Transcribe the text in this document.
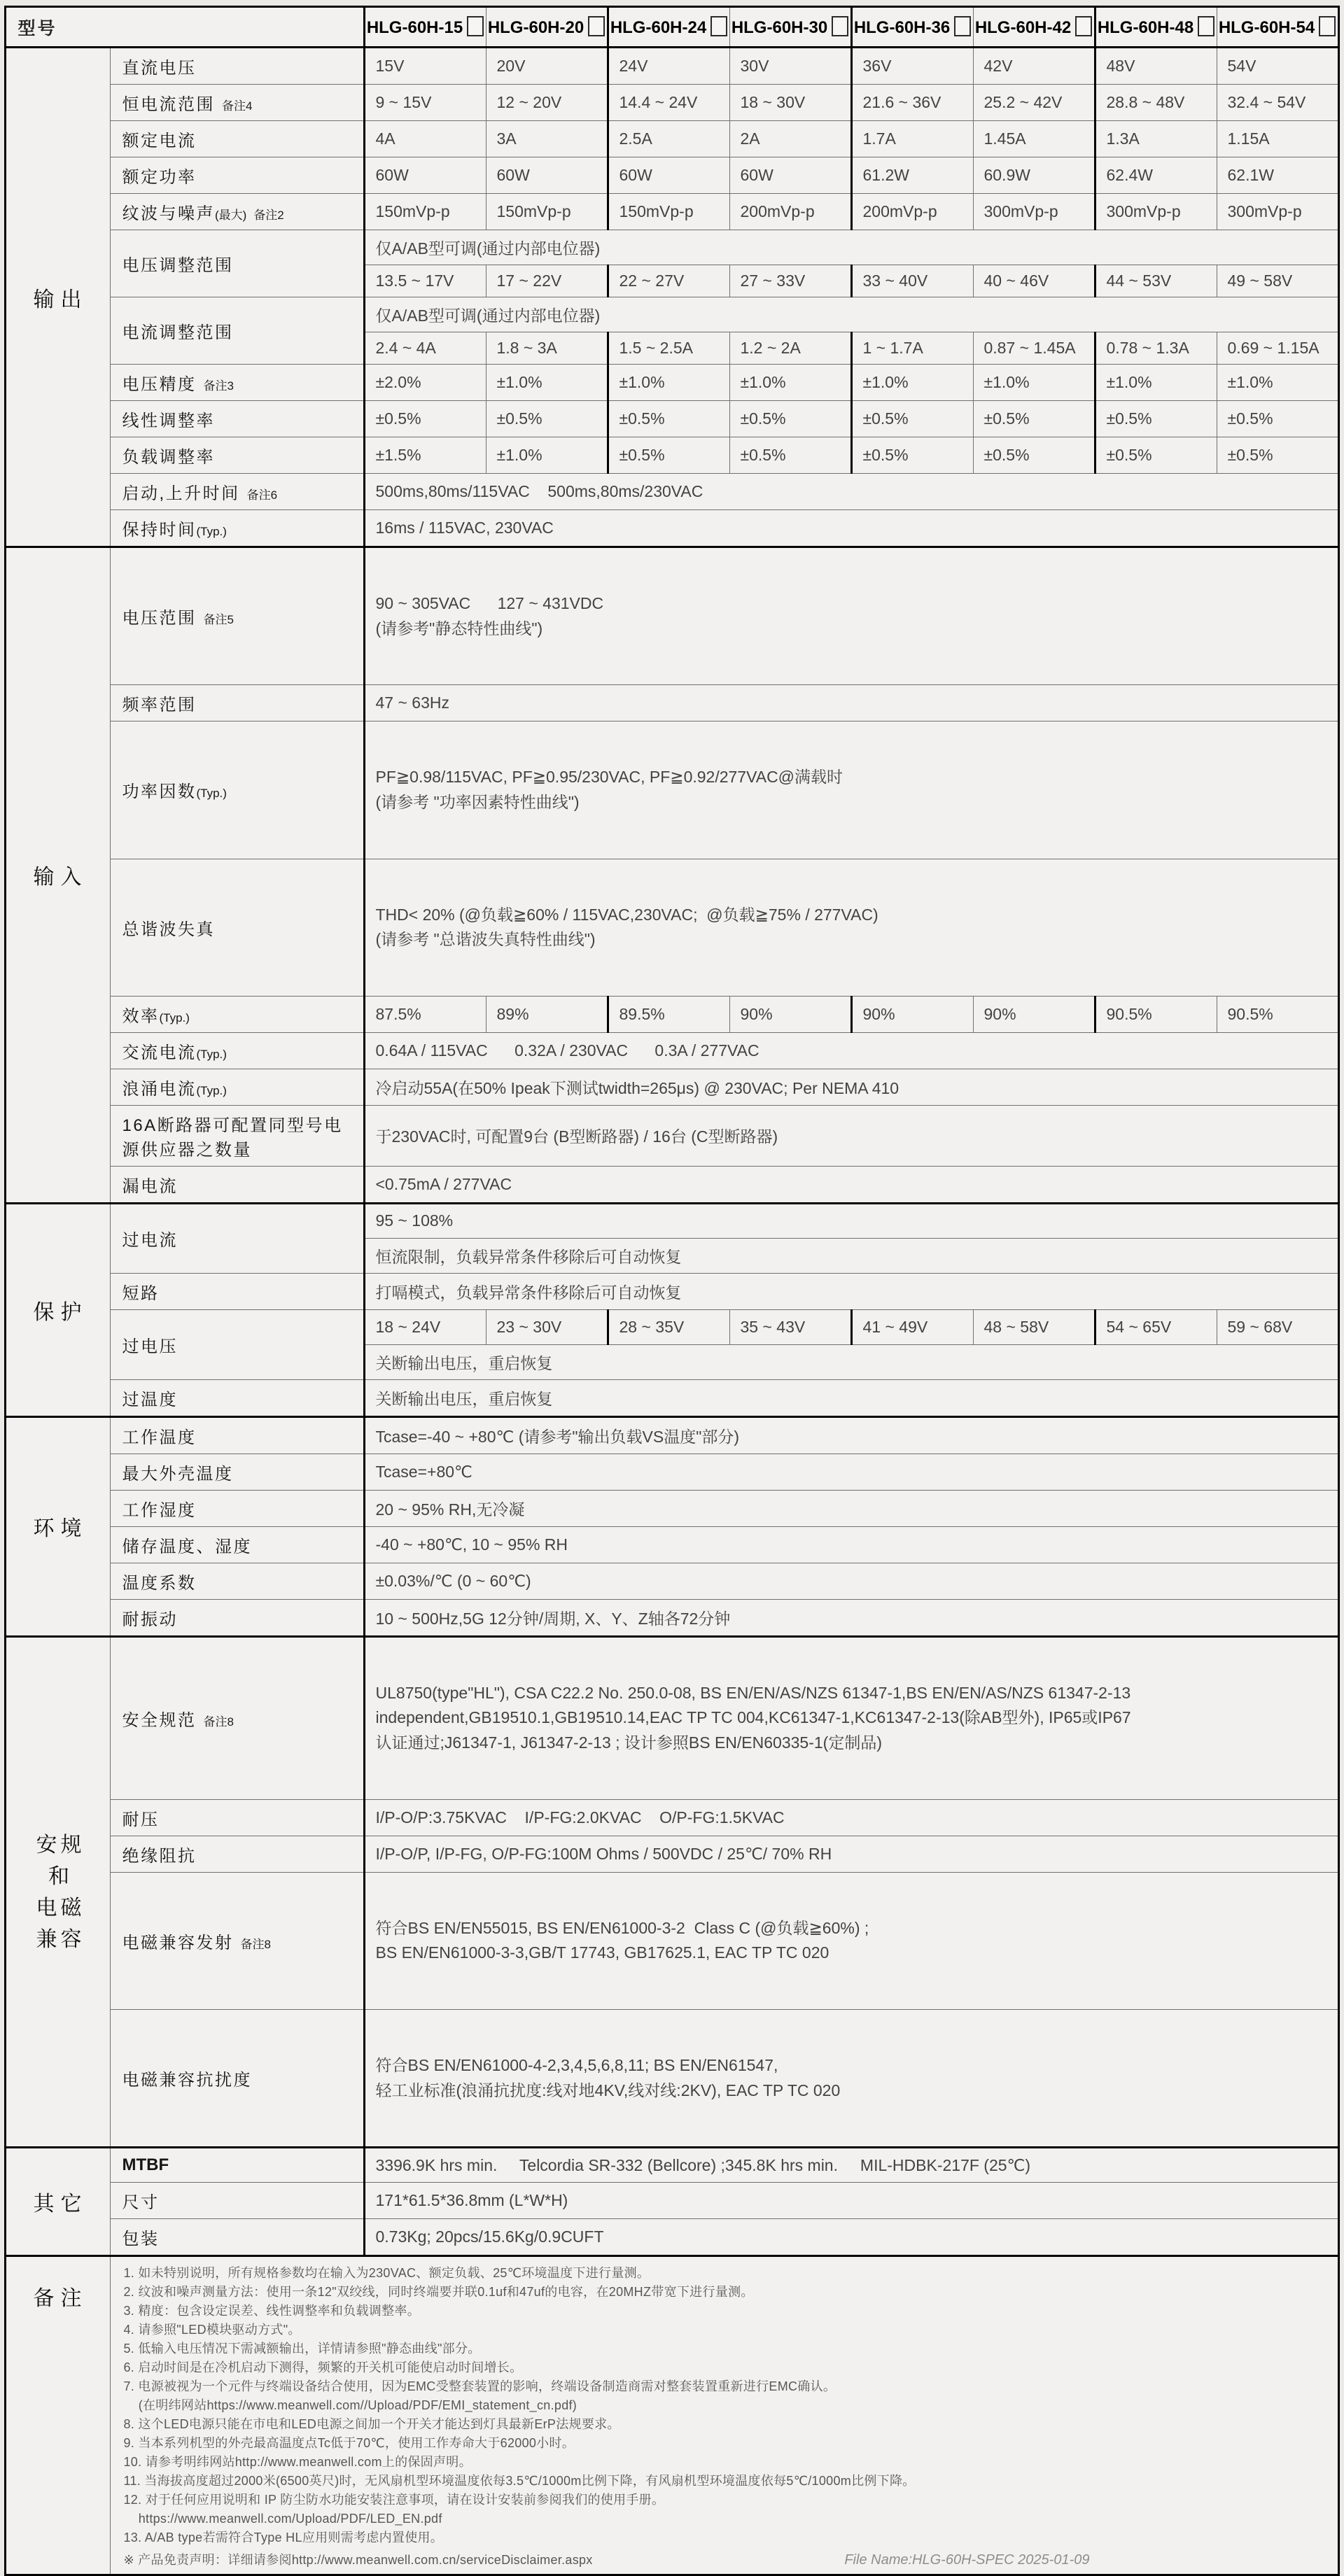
型号		HLG-60H-15	HLG-60H-20	HLG-60H-24	HLG-60H-30	HLG-60H-36	HLG-60H-42	HLG-60H-48	HLG-60H-54
输出	直流电压	15V	20V	24V	30V	36V	42V	48V	54V
	恒电流范围 备注4	9 ~ 15V	12 ~ 20V	14.4 ~ 24V	18 ~ 30V	21.6 ~ 36V	25.2 ~ 42V	28.8 ~ 48V	32.4 ~ 54V
	额定电流	4A	3A	2.5A	2A	1.7A	1.45A	1.3A	1.15A
	额定功率	60W	60W	60W	60W	61.2W	60.9W	62.4W	62.1W
	纹波与噪声(最大) 备注2	150mVp-p	150mVp-p	150mVp-p	200mVp-p	200mVp-p	300mVp-p	300mVp-p	300mVp-p
	电压调整范围	仅A/AB型可调(通过内部电位器)							
		13.5 ~ 17V	17 ~ 22V	22 ~ 27V	27 ~ 33V	33 ~ 40V	40 ~ 46V	44 ~ 53V	49 ~ 58V
	电流调整范围	仅A/AB型可调(通过内部电位器)							
		2.4 ~ 4A	1.8 ~ 3A	1.5 ~ 2.5A	1.2 ~ 2A	1 ~ 1.7A	0.87 ~ 1.45A	0.78 ~ 1.3A	0.69 ~ 1.15A
	电压精度 备注3	±2.0%	±1.0%	±1.0%	±1.0%	±1.0%	±1.0%	±1.0%	±1.0%
	线性调整率	±0.5%	±0.5%	±0.5%	±0.5%	±0.5%	±0.5%	±0.5%	±0.5%
	负载调整率	±1.5%	±1.0%	±0.5%	±0.5%	±0.5%	±0.5%	±0.5%	±0.5%
	启动,上升时间 备注6	500ms,80ms/115VAC    500ms,80ms/230VAC							
	保持时间(Typ.)	16ms / 115VAC, 230VAC							
输入	电压范围 备注5	90 ~ 305VAC      127 ~ 431VDC
(请参考"静态特性曲线")							

	频率范围	47 ~ 63Hz							
	功率因数(Typ.)	PF≧0.98/115VAC, PF≧0.95/230VAC, PF≧0.92/277VAC@满载时
(请参考 "功率因素特性曲线")							

	总谐波失真	THD< 20% (@负载≧60% / 115VAC,230VAC;  @负载≧75% / 277VAC)
(请参考 "总谐波失真特性曲线")							

	效率(Typ.)	87.5%	89%	89.5%	90%	90%	90%	90.5%	90.5%
	交流电流(Typ.)	0.64A / 115VAC      0.32A / 230VAC      0.3A / 277VAC							
	浪涌电流(Typ.)	冷启动55A(在50% Ipeak下测试twidth=265μs) @ 230VAC; Per NEMA 410							
	16A断路器可配置同型号电源供应器之数量	于230VAC时, 可配置9台 (B型断路器) / 16台 (C型断路器)							
	漏电流	<0.75mA / 277VAC							
保护	过电流	95 ~ 108%							
		恒流限制，负载异常条件移除后可自动恢复							
	短路	打嗝模式，负载异常条件移除后可自动恢复							
	过电压	18 ~ 24V	23 ~ 30V	28 ~ 35V	35 ~ 43V	41 ~ 49V	48 ~ 58V	54 ~ 65V	59 ~ 68V
		关断输出电压，重启恢复							
	过温度	关断输出电压，重启恢复							
环境	工作温度	Tcase=-40 ~ +80℃ (请参考"输出负载VS温度"部分)							
	最大外壳温度	Tcase=+80℃							
	工作湿度	20 ~ 95% RH,无冷凝							
	储存温度、湿度	-40 ~ +80℃, 10 ~ 95% RH							
	温度系数	±0.03%/℃ (0 ~ 60℃)							
	耐振动	10 ~ 500Hz,5G 12分钟/周期, X、Y、Z轴各72分钟							

安规
和
电磁
兼容
	安全规范 备注8	

UL8750(type"HL"), CSA C22.2 No. 250.0-08, BS EN/EN/AS/NZS 61347-1,BS EN/EN/AS/NZS 61347-2-13
independent,GB19510.1,GB19510.14,EAC TP TC 004,KC61347-1,KC61347-2-13(除AB型外), IP65或IP67
认证通过;J61347-1, J61347-2-13 ; 设计参照BS EN/EN60335-1(定制品)

	耐压	I/P-O/P:3.75KVAC    I/P-FG:2.0KVAC    O/P-FG:1.5KVAC							
	绝缘阻抗	I/P-O/P, I/P-FG, O/P-FG:100M Ohms / 500VDC / 25℃/ 70% RH							
	电磁兼容发射 备注8	符合BS EN/EN55015, BS EN/EN61000-3-2  Class C (@负载≧60%) ;
BS EN/EN61000-3-3,GB/T 17743, GB17625.1, EAC TP TC 020							

	电磁兼容抗扰度	符合BS EN/EN61000-4-2,3,4,5,6,8,11; BS EN/EN61547,
轻工业标准(浪涌抗扰度:线对地4KV,线对线:2KV), EAC TP TC 020							

其它	MTBF	3396.9K hrs min.     Telcordia SR-332 (Bellcore) ;345.8K hrs min.     MIL-HDBK-217F (25℃)							
	尺寸	171*61.5*36.8mm (L*W*H)							
	包装	0.73Kg; 20pcs/15.6Kg/0.9CUFT							
备注	
1. 如未特别说明，所有规格参数均在输入为230VAC、额定负载、25℃环境温度下进行量测。
2. 纹波和噪声测量方法：使用一条12"双绞线，同时终端要并联0.1uf和47uf的电容，在20MHZ带宽下进行量测。
3. 精度：包含设定误差、线性调整率和负载调整率。
4. 请参照"LED模块驱动方式"。
5. 低输入电压情况下需减额输出，详情请参照"静态曲线"部分。
6. 启动时间是在冷机启动下测得，频繁的开关机可能使启动时间增长。
7. 电源被视为一个元件与终端设备结合使用，因为EMC受整套装置的影响，终端设备制造商需对整套装置重新进行EMC确认。
(在明纬网站https://www.meanwell.com//Upload/PDF/EMI_statement_cn.pdf)
8. 这个LED电源只能在市电和LED电源之间加一个开关才能达到灯具最新ErP法规要求。
9. 当本系列机型的外壳最高温度点Tc低于70℃，使用工作寿命大于62000小时。
10. 请参考明纬网站http://www.meanwell.com上的保固声明。
11. 当海拔高度超过2000米(6500英尺)时，无风扇机型环境温度依每3.5℃/1000m比例下降，有风扇机型环境温度依每5℃/1000m比例下降。
12. 对于任何应用说明和 IP 防尘防水功能安装注意事项，请在设计安装前参阅我们的使用手册。
https://www.meanwell.com/Upload/PDF/LED_EN.pdf
13. A/AB type若需符合Type HL应用则需考虑内置使用。
※ 产品免责声明：详细请参阅http://www.meanwell.com.cn/serviceDisclaimer.aspx	File Name:HLG-60H-SPEC 2025-01-09
